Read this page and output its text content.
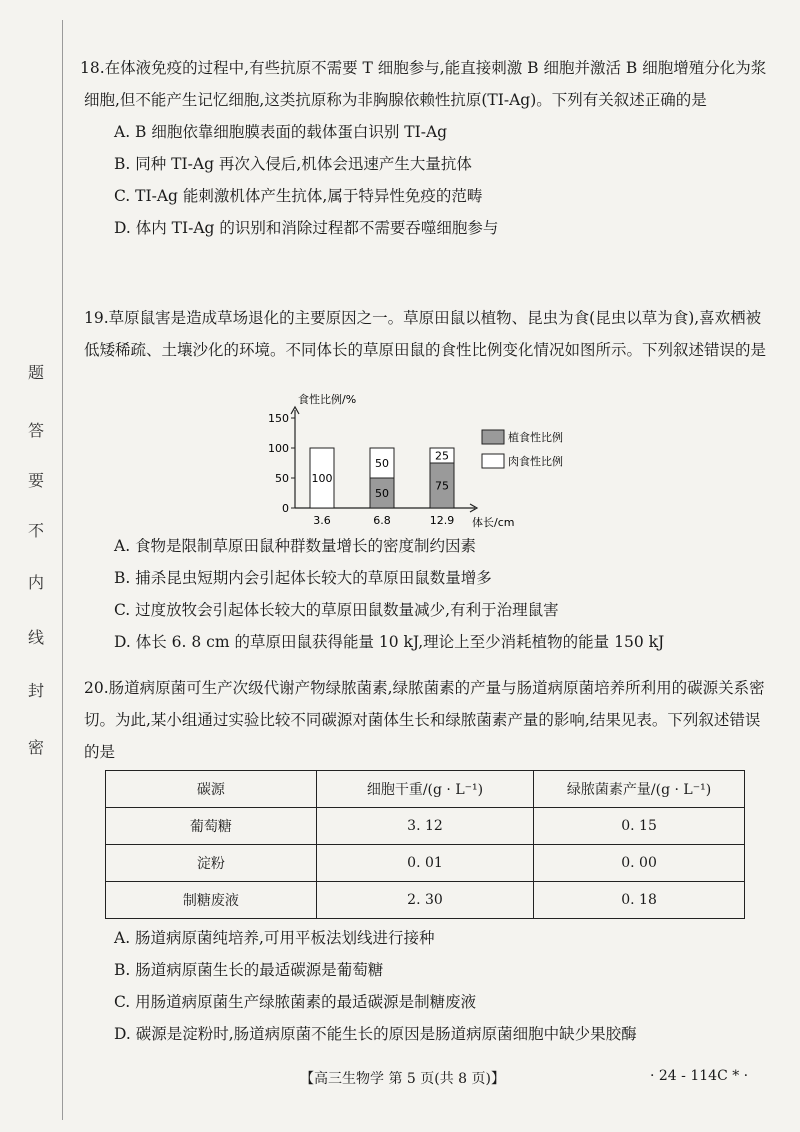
密
封
线
内
不
要
答
题

18.在体液免疫的过程中,有些抗原不需要 T 细胞参与,能直接刺激 B 细胞并激活 B 细胞增殖分化为浆细胞,但不能产生记忆细胞,这类抗原称为非胸腺依赖性抗原(TI-Ag)。下列有关叙述正确的是

A. B 细胞依靠细胞膜表面的载体蛋白识别 TI-Ag
B. 同种 TI-Ag 再次入侵后,机体会迅速产生大量抗体
C. TI-Ag 能刺激机体产生抗体,属于特异性免疫的范畴
D. 体内 TI-Ag 的识别和消除过程都不需要吞噬细胞参与

19.草原鼠害是造成草场退化的主要原因之一。草原田鼠以植物、昆虫为食(昆虫以草为食),喜欢栖被低矮稀疏、土壤沙化的环境。不同体长的草原田鼠的食性比例变化情况如图所示。下列叙述错误的是

食性比例/%
0
50
100
150
100
50
50
75
25
3.6	6.8	12.9 体长/cm
植食性比例
肉食性比例
A. 食物是限制草原田鼠种群数量增长的密度制约因素
B. 捕杀昆虫短期内会引起体长较大的草原田鼠数量增多
C. 过度放牧会引起体长较大的草原田鼠数量减少,有利于治理鼠害
D. 体长 6. 8 cm 的草原田鼠获得能量 10 kJ,理论上至少消耗植物的能量 150 kJ

20.肠道病原菌可生产次级代谢产物绿脓菌素,绿脓菌素的产量与肠道病原菌培养所利用的碳源关系密切。为此,某小组通过实验比较不同碳源对菌体生长和绿脓菌素产量的影响,结果见表。下列叙述错误的是

碳源	细胞干重/(g · L⁻¹)	绿脓菌素产量/(g · L⁻¹)
葡萄糖	3. 12	0. 15
淀粉	0. 01	0. 00
制糖废液	2. 30	0. 18
A. 肠道病原菌纯培养,可用平板法划线进行接种
B. 肠道病原菌生长的最适碳源是葡萄糖
C. 用肠道病原菌生产绿脓菌素的最适碳源是制糖废液
D. 碳源是淀粉时,肠道病原菌不能生长的原因是肠道病原菌细胞中缺少果胶酶
【高三生物学 第 5 页(共 8 页)】	· 24 - 114C * ·
